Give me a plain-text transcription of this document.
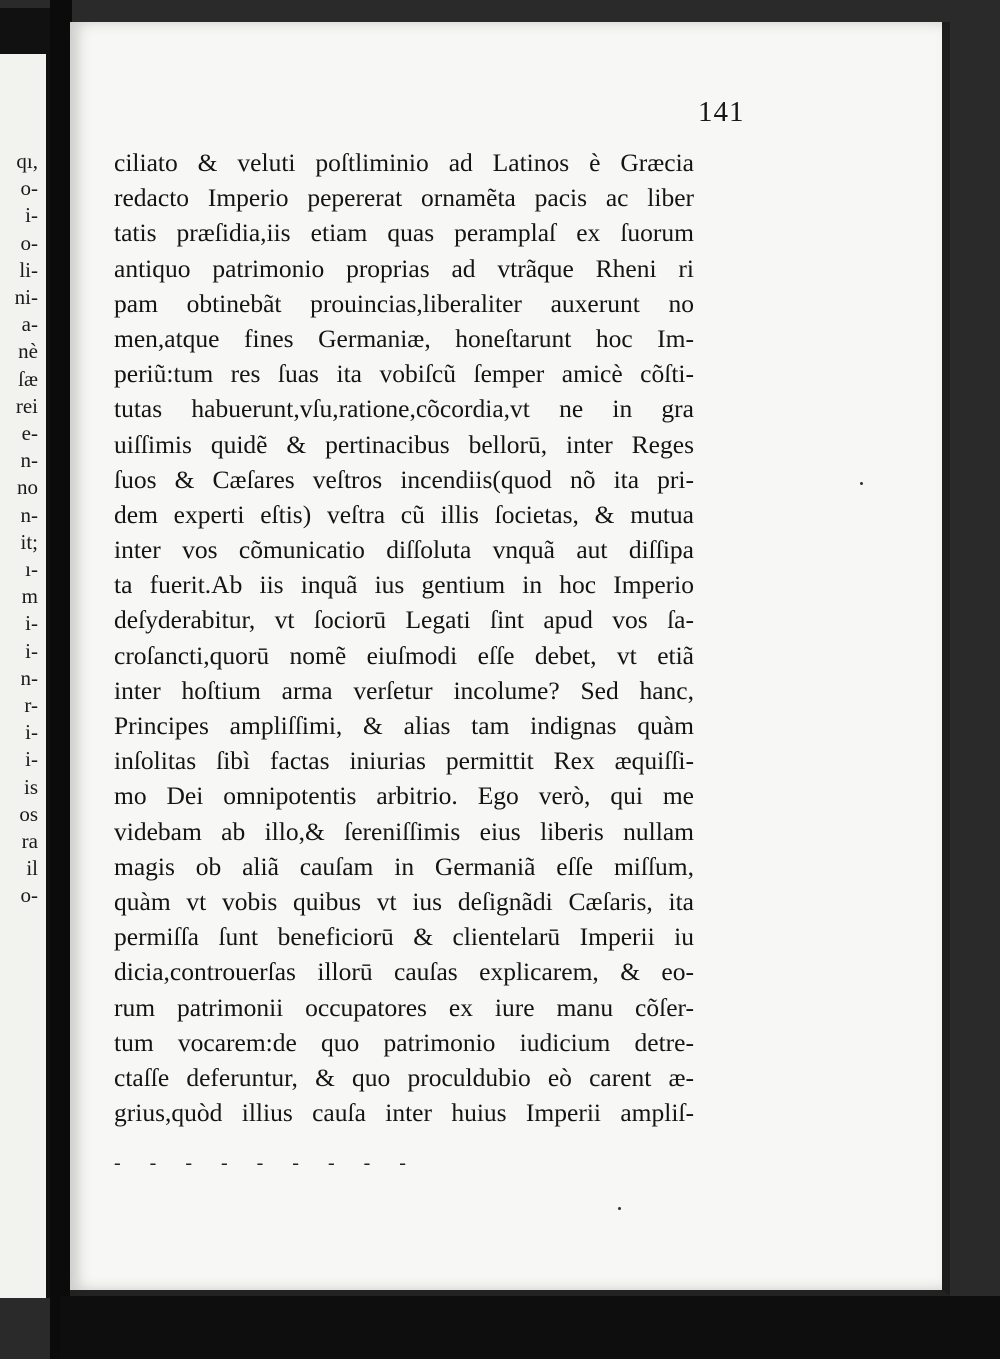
qı,
o-
i-
o-
li-
ni-
a-
nè
ſæ
rei
e-
n-
no
n-
it;
ı-
m
i-
i-
n-
r-
i-
i-
is
os
ra
il
o-
141
ciliato & veluti poſtliminio ad Latinos è Græcia
redacto Imperio pepererat ornamẽta pacis ac liber
tatis præſidia,iis etiam quas peramplaſ ex ſuorum
antiquo patrimonio proprias ad vtrãque Rheni ri
pam obtinebãt prouincias,liberaliter auxerunt no
men,atque fines Germaniæ, honeſtarunt hoc Im-
periũ:tum res ſuas ita vobiſcũ ſemper amicè cõſti-
tutas habuerunt,vſu,ratione,cõcordia,vt ne in gra
uiſſimis quidẽ & pertinacibus bellorū, inter Reges
ſuos & Cæſares veſtros incendiis(quod nõ ita pri-
dem experti eſtis) veſtra cũ illis ſocietas, & mutua
inter vos cõmunicatio diſſoluta vnquã aut diſſipa
ta fuerit.Ab iis inquã ius gentium in hoc Imperio
deſyderabitur, vt ſociorū Legati ſint apud vos ſa-
croſancti,quorū nomẽ eiuſmodi eſſe debet, vt etiã
inter hoſtium arma verſetur incolume? Sed hanc,
Principes ampliſſimi, & alias tam indignas quàm
inſolitas ſibì factas iniurias permittit Rex æquiſſi-
mo Dei omnipotentis arbitrio. Ego verò, qui me
videbam ab illo,& ſereniſſimis eius liberis nullam
magis ob aliã cauſam in Germaniã eſſe miſſum,
quàm vt vobis quibus vt ius deſignãdi Cæſaris, ita
permiſſa ſunt beneficiorū & clientelarū Imperii iu
dicia,controuerſas illorū cauſas explicarem, & eo-
rum patrimonii occupatores ex iure manu cõſer-
tum vocarem:de quo patrimonio iudicium detre-
ctaſſe deferuntur, & quo proculdubio eò carent æ-
grius,quòd illius cauſa inter huius Imperii ampliſ-
- - - - - - - - -
